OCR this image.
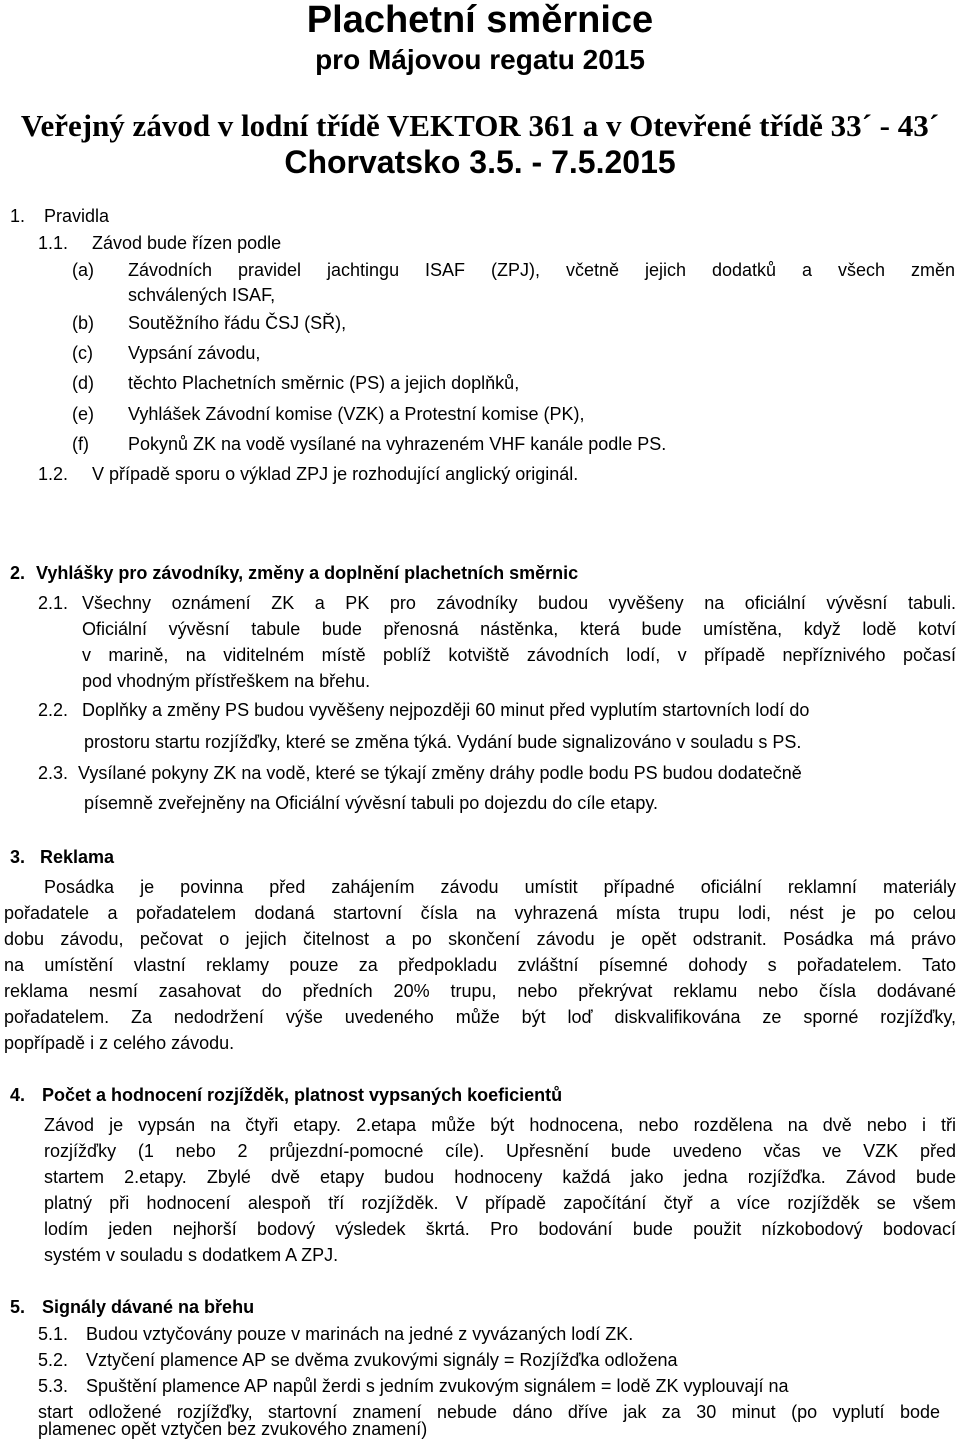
Plachetní směrnice
pro Májovou regatu 2015
Veřejný závod v lodní třídě VEKTOR 361 a v Otevřené třídě 33´ - 43´
Chorvatsko 3.5. - 7.5.2015
1. Pravidla
1.1. Závod bude řízen podle
(a) Závodních pravidel jachtingu ISAF (ZPJ), včetně jejich dodatků a všech změn
schválených ISAF,
(b) Soutěžního řádu ČSJ (SŘ),
(c) Vypsání závodu,
(d) těchto Plachetních směrnic (PS) a jejich doplňků,
(e) Vyhlášek Závodní komise (VZK) a Protestní komise (PK),
(f) Pokynů ZK na vodě vysílané na vyhrazeném VHF kanále podle PS.
1.2. V případě sporu o výklad ZPJ je rozhodující anglický originál.
2. Vyhlášky pro závodníky, změny a doplnění plachetních směrnic
2.1. Všechny oznámení ZK a PK pro závodníky budou vyvěšeny na oficiální vývěsní tabuli.
Oficiální vývěsní tabule bude přenosná nástěnka, která bude umístěna, když lodě kotví
v marině, na viditelném místě poblíž kotviště závodních lodí, v případě nepříznivého počasí
pod vhodným přístřeškem na břehu.
2.2. Doplňky a změny PS budou vyvěšeny nejpozději 60 minut před vyplutím startovních lodí do
prostoru startu rozjížďky, které se změna týká. Vydání bude signalizováno v souladu s PS.
2.3. Vysílané pokyny ZK na vodě, které se týkají změny dráhy podle bodu PS budou dodatečně
písemně zveřejněny na Oficiální vývěsní tabuli po dojezdu do cíle etapy.
3. Reklama
Posádka je povinna před zahájením závodu umístit případné oficiální reklamní materiály
pořadatele a pořadatelem dodaná startovní čísla na vyhrazená místa trupu lodi, nést je po celou
dobu závodu, pečovat o jejich čitelnost a po skončení závodu je opět odstranit. Posádka má právo
na umístění vlastní reklamy pouze za předpokladu zvláštní písemné dohody s pořadatelem. Tato
reklama nesmí zasahovat do předních 20% trupu, nebo překrývat reklamu nebo čísla dodávané
pořadatelem. Za nedodržení výše uvedeného může být loď diskvalifikována ze sporné rozjížďky,
popřípadě i z celého závodu.
4. Počet a hodnocení rozjížděk, platnost vypsaných koeficientů
Závod je vypsán na čtyři etapy. 2.etapa může být hodnocena, nebo rozdělena na dvě nebo i tři
rozjížďky (1 nebo 2 průjezdní-pomocné cíle). Upřesnění bude uvedeno včas ve VZK před
startem 2.etapy. Zbylé dvě etapy budou hodnoceny každá jako jedna rozjížďka. Závod bude
platný při hodnocení alespoň tří rozjížděk. V případě započítání čtyř a více rozjížděk se všem
lodím jeden nejhorší bodový výsledek škrtá. Pro bodování bude použit nízkobodový bodovací
systém v souladu s dodatkem A ZPJ.
5. Signály dávané na břehu
5.1. Budou vztyčovány pouze v marinách na jedné z vyvázaných lodí ZK.
5.2. Vztyčení plamence AP se dvěma zvukovými signály = Rozjížďka odložena
5.3. Spuštění plamence AP napůl žerdi s jedním zvukovým signálem = lodě ZK vyplouvají na
start odložené rozjížďky, startovní znamení nebude dáno dříve jak za 30 minut (po vyplutí bode
plamenec opět vztyčen bez zvukového znamení)
